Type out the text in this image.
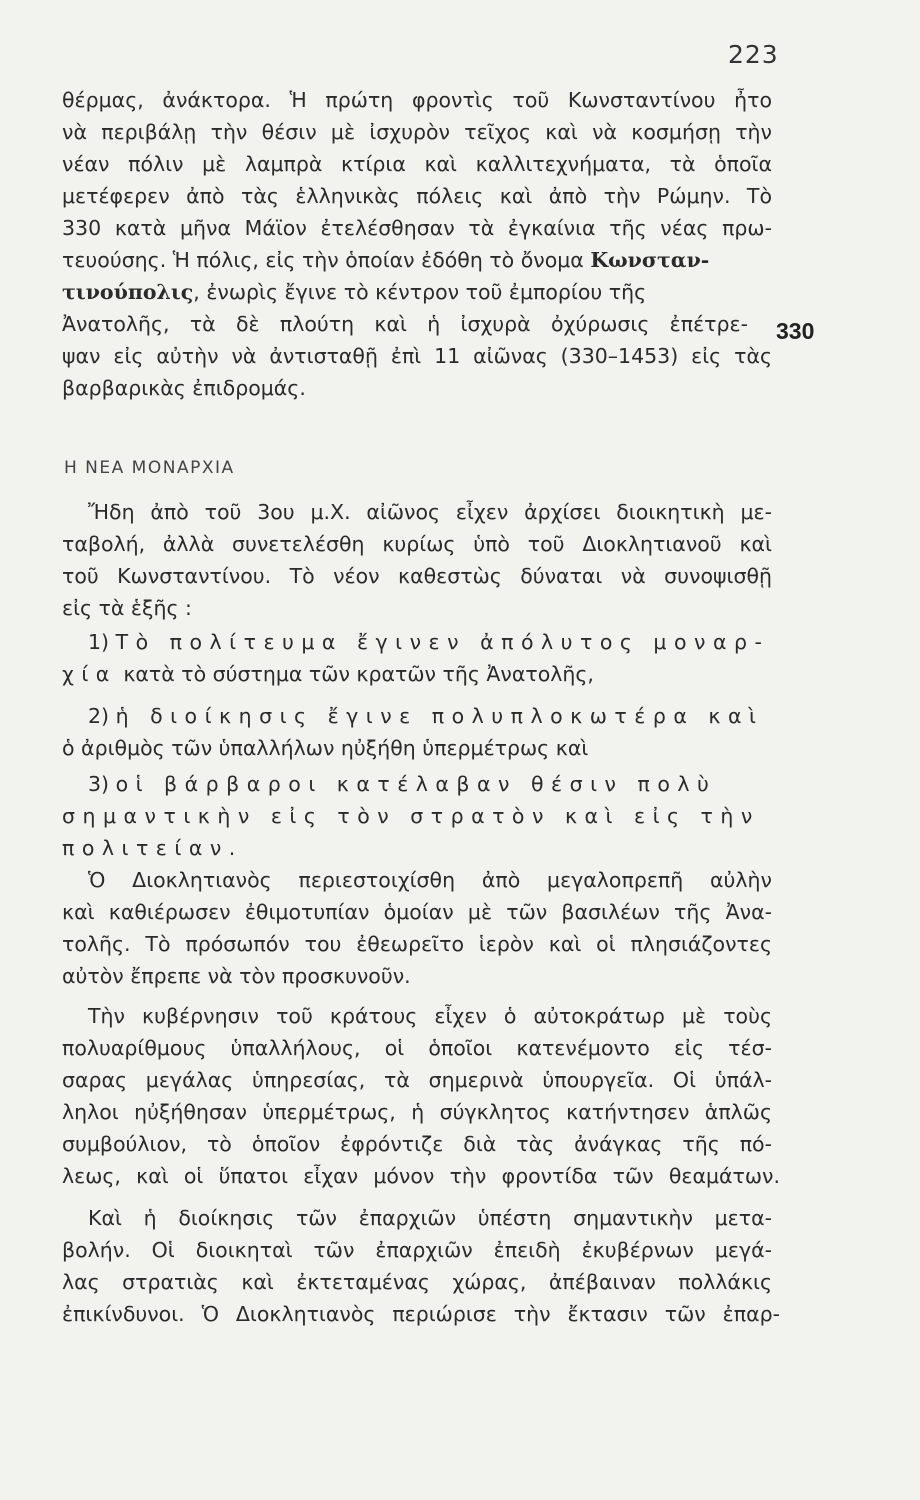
223
330
θέρμας, ἀνάκτορα. Ἡ πρώτη φροντὶς τοῦ Κωνσταντίνου ἦτο
νὰ περιβάλῃ τὴν θέσιν μὲ ἰσχυρὸν τεῖχος καὶ νὰ κοσμήσῃ τὴν
νέαν πόλιν μὲ λαμπρὰ κτίρια καὶ καλλιτεχνήματα, τὰ ὁποῖα
μετέφερεν ἀπὸ τὰς ἑλληνικὰς πόλεις καὶ ἀπὸ τὴν Ρώμην. Τὸ
330 κατὰ μῆνα Μάϊον ἐτελέσθησαν τὰ ἐγκαίνια τῆς νέας πρω-
τευούσης. Ἡ πόλις, εἰς τὴν ὁποίαν ἐδόθη τὸ ὄνομα Κωνσταν-
τινούπολις, ἐνωρὶς ἔγινε τὸ κέντρον τοῦ ἐμπορίου τῆς
Ἀνατολῆς, τὰ δὲ πλούτη καὶ ἡ ἰσχυρὰ ὀχύρωσις ἐπέτρε-
ψαν εἰς αὐτὴν νὰ ἀντισταθῇ ἐπὶ 11 αἰῶνας (330–1453) εἰς τὰς
βαρβαρικὰς ἐπιδρομάς.
Η ΝΕΑ ΜΟΝΑΡΧΙΑ
Ἤδη ἀπὸ τοῦ 3ου μ.Χ. αἰῶνος εἶχεν ἀρχίσει διοικητικὴ με-
ταβολή, ἀλλὰ συνετελέσθη κυρίως ὑπὸ τοῦ Διοκλητιανοῦ καὶ
τοῦ Κωνσταντίνου. Τὸ νέον καθεστὼς δύναται νὰ συνοψισθῇ
εἰς τὰ ἑξῆς :
1) Τὸ πολίτευμα ἔγινεν ἀπόλυτος μοναρ-
χία κατὰ τὸ σύστημα τῶν κρατῶν τῆς Ἀνατολῆς,
2) ἡ διοίκησις ἔγινε πολυπλοκωτέρα καὶ
ὁ ἀριθμὸς τῶν ὑπαλλήλων ηὐξήθη ὑπερμέτρως καὶ
3) οἱ βάρβαροι κατέλαβαν θέσιν πολὺ
σημαντικὴν εἰς τὸν στρατὸν καὶ εἰς τὴν
πολιτείαν.
Ὁ Διοκλητιανὸς περιεστοιχίσθη ἀπὸ μεγαλοπρεπῆ αὐλὴν
καὶ καθιέρωσεν ἐθιμοτυπίαν ὁμοίαν μὲ τῶν βασιλέων τῆς Ἀνα-
τολῆς. Τὸ πρόσωπόν του ἐθεωρεῖτο ἱερὸν καὶ οἱ πλησιάζοντες
αὐτὸν ἔπρεπε νὰ τὸν προσκυνοῦν.
Τὴν κυβέρνησιν τοῦ κράτους εἶχεν ὁ αὐτοκράτωρ μὲ τοὺς
πολυαρίθμους ὑπαλλήλους, οἱ ὁποῖοι κατενέμοντο εἰς τέσ-
σαρας μεγάλας ὑπηρεσίας, τὰ σημερινὰ ὑπουργεῖα. Οἱ ὑπάλ-
ληλοι ηὐξήθησαν ὑπερμέτρως, ἡ σύγκλητος κατήντησεν ἁπλῶς
συμβούλιον, τὸ ὁποῖον ἐφρόντιζε διὰ τὰς ἀνάγκας τῆς πό-
λεως, καὶ οἱ ὕπατοι εἶχαν μόνον τὴν φροντίδα τῶν θεαμάτων.
Καὶ ἡ διοίκησις τῶν ἐπαρχιῶν ὑπέστη σημαντικὴν μετα-
βολήν. Οἱ διοικηταὶ τῶν ἐπαρχιῶν ἐπειδὴ ἐκυβέρνων μεγά-
λας στρατιὰς καὶ ἐκτεταμένας χώρας, ἀπέβαιναν πολλάκις
ἐπικίνδυνοι. Ὁ Διοκλητιανὸς περιώρισε τὴν ἔκτασιν τῶν ἐπαρ-
